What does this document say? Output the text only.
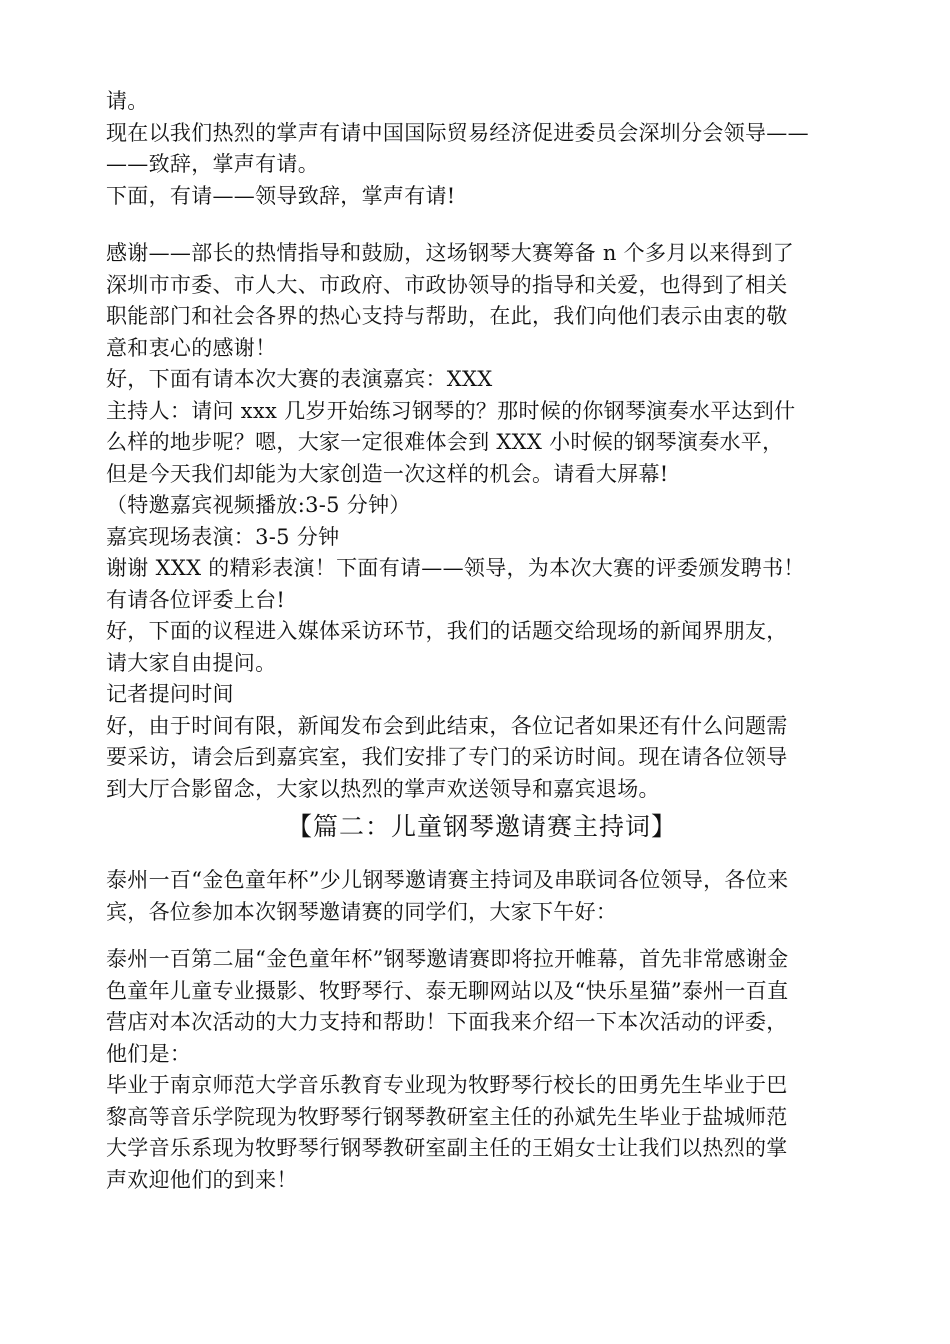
请。
现在以我们热烈的掌声有请中国国际贸易经济促进委员会深圳分会领导——
——致辞，掌声有请。
下面，有请——领导致辞，掌声有请!
感谢——部长的热情指导和鼓励，这场钢琴大赛筹备 n 个多月以来得到了
深圳市市委、市人大、市政府、市政协领导的指导和关爱，也得到了相关
职能部门和社会各界的热心支持与帮助，在此，我们向他们表示由衷的敬
意和衷心的感谢！
好，下面有请本次大赛的表演嘉宾：XXX
主持人：请问 xxx 几岁开始练习钢琴的？那时候的你钢琴演奏水平达到什
么样的地步呢？嗯，大家一定很难体会到 XXX 小时候的钢琴演奏水平，
但是今天我们却能为大家创造一次这样的机会。请看大屏幕!
（特邀嘉宾视频播放:3-5 分钟）
嘉宾现场表演：3-5 分钟
谢谢 XXX 的精彩表演！下面有请——领导，为本次大赛的评委颁发聘书！
有请各位评委上台!
好，下面的议程进入媒体采访环节，我们的话题交给现场的新闻界朋友，
请大家自由提问。
记者提问时间
好，由于时间有限，新闻发布会到此结束，各位记者如果还有什么问题需
要采访，请会后到嘉宾室，我们安排了专门的采访时间。现在请各位领导
到大厅合影留念，大家以热烈的掌声欢送领导和嘉宾退场。
【篇二：儿童钢琴邀请赛主持词】
泰州一百“金色童年杯”少儿钢琴邀请赛主持词及串联词各位领导，各位来
宾，各位参加本次钢琴邀请赛的同学们，大家下午好：
泰州一百第二届“金色童年杯”钢琴邀请赛即将拉开帷幕，首先非常感谢金
色童年儿童专业摄影、牧野琴行、泰无聊网站以及“快乐星猫”泰州一百直
营店对本次活动的大力支持和帮助！下面我来介绍一下本次活动的评委，
他们是：
毕业于南京师范大学音乐教育专业现为牧野琴行校长的田勇先生毕业于巴
黎高等音乐学院现为牧野琴行钢琴教研室主任的孙斌先生毕业于盐城师范
大学音乐系现为牧野琴行钢琴教研室副主任的王娟女士让我们以热烈的掌
声欢迎他们的到来！
